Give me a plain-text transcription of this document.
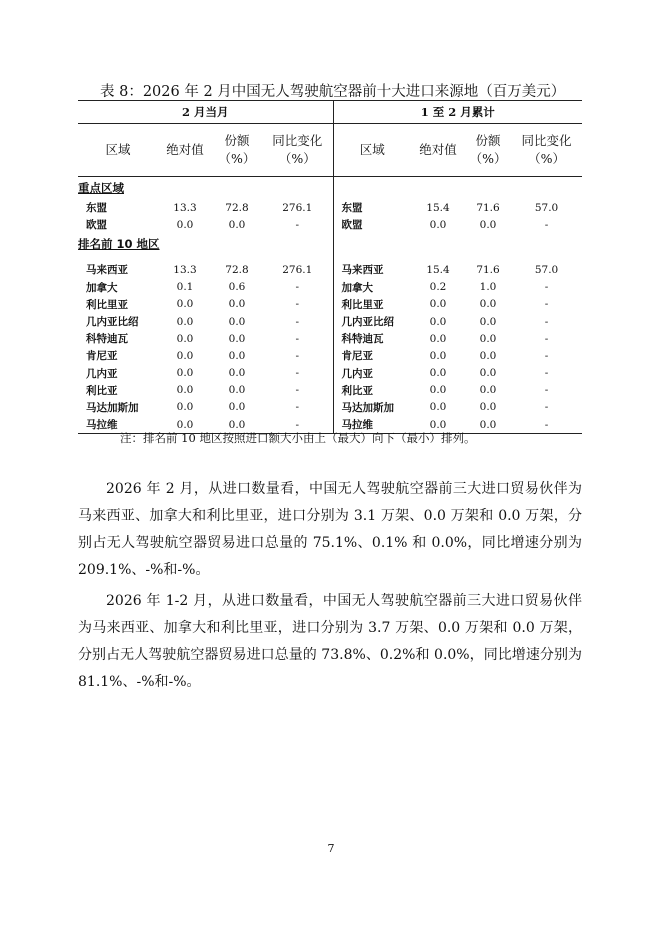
表 8：2026 年 2 月中国无人驾驶航空器前十大进口来源地（百万美元）
2 月当月				1 至 2 月累计			
区域	绝对值	份额（%）	同比变化（%）	区域	绝对值	份额（%）	同比变化（%）
重点区域							
东盟	13.3	72.8	276.1	东盟	15.4	71.6	57.0
欧盟	0.0	0.0	-	欧盟	0.0	0.0	-
排名前 10 地区							
马来西亚	13.3	72.8	276.1	马来西亚	15.4	71.6	57.0
加拿大	0.1	0.6	-	加拿大	0.2	1.0	-
利比里亚	0.0	0.0	-	利比里亚	0.0	0.0	-
几内亚比绍	0.0	0.0	-	几内亚比绍	0.0	0.0	-
科特迪瓦	0.0	0.0	-	科特迪瓦	0.0	0.0	-
肯尼亚	0.0	0.0	-	肯尼亚	0.0	0.0	-
几内亚	0.0	0.0	-	几内亚	0.0	0.0	-
利比亚	0.0	0.0	-	利比亚	0.0	0.0	-
马达加斯加	0.0	0.0	-	马达加斯加	0.0	0.0	-
马拉维	0.0	0.0	-	马拉维	0.0	0.0	-
注：排名前 10 地区按照进口额大小由上（最大）向下（最小）排列。

2026 年 2 月，从进口数量看，中国无人驾驶航空器前三大进口贸易伙伴为马来西亚、加拿大和利比里亚，进口分别为 3.1 万架、0.0 万架和 0.0 万架，分别占无人驾驶航空器贸易进口总量的 75.1%、0.1% 和 0.0%，同比增速分别为 209.1%、-%和-%。

2026 年 1-2 月，从进口数量看，中国无人驾驶航空器前三大进口贸易伙伴为马来西亚、加拿大和利比里亚，进口分别为 3.7 万架、0.0 万架和 0.0 万架，分别占无人驾驶航空器贸易进口总量的 73.8%、0.2%和 0.0%，同比增速分别为 81.1%、-%和-%。

7
